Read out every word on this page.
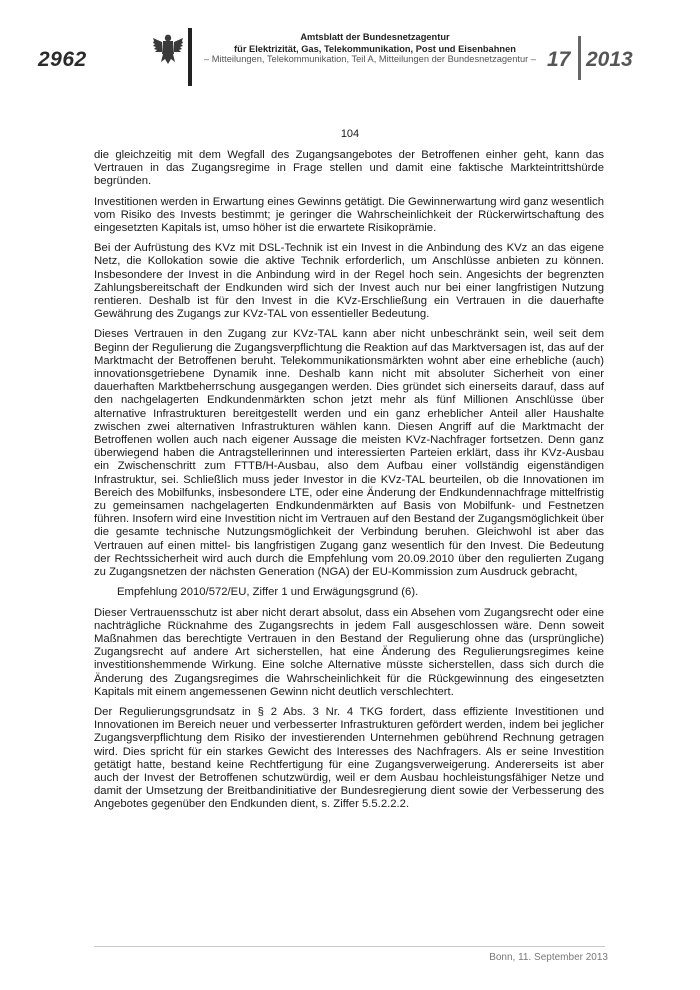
2962
Amtsblatt der Bundesnetzagentur
für Elektrizität, Gas, Telekommunikation, Post und Eisenbahnen
– Mitteilungen, Telekommunikation, Teil A, Mitteilungen der Bundesnetzagentur – 17 2013
104

die gleichzeitig mit dem Wegfall des Zugangsangebotes der Betroffenen einher geht, kann das Vertrauen in das Zugangsregime in Frage stellen und damit eine faktische Markteintrittshürde begründen.

Investitionen werden in Erwartung eines Gewinns getätigt. Die Gewinnerwartung wird ganz wesentlich vom Risiko des Invests bestimmt; je geringer die Wahrscheinlichkeit der Rückerwirtschaftung des eingesetzten Kapitals ist, umso höher ist die erwartete Risikoprämie.

Bei der Aufrüstung des KVz mit DSL-Technik ist ein Invest in die Anbindung des KVz an das eigene Netz, die Kollokation sowie die aktive Technik erforderlich, um Anschlüsse anbieten zu können. Insbesondere der Invest in die Anbindung wird in der Regel hoch sein. Angesichts der begrenzten Zahlungsbereitschaft der Endkunden wird sich der Invest auch nur bei einer langfristigen Nutzung rentieren. Deshalb ist für den Invest in die KVz-Erschließung ein Vertrauen in die dauerhafte Gewährung des Zugangs zur KVz-TAL von essentieller Bedeutung.

Dieses Vertrauen in den Zugang zur KVz-TAL kann aber nicht unbeschränkt sein, weil seit dem Beginn der Regulierung die Zugangsverpflichtung die Reaktion auf das Marktversagen ist, das auf der Marktmacht der Betroffenen beruht. Telekommunikationsmärkten wohnt aber eine erhebliche (auch) innovationsgetriebene Dynamik inne. Deshalb kann nicht mit absoluter Sicherheit von einer dauerhaften Marktbeherrschung ausgegangen werden. Dies gründet sich einerseits darauf, dass auf den nachgelagerten Endkundenmärkten schon jetzt mehr als fünf Millionen Anschlüsse über alternative Infrastrukturen bereitgestellt werden und ein ganz erheblicher Anteil aller Haushalte zwischen zwei alternativen Infrastrukturen wählen kann. Diesen Angriff auf die Marktmacht der Betroffenen wollen auch nach eigener Aussage die meisten KVz-Nachfrager fortsetzen. Denn ganz überwiegend haben die Antragstellerinnen und interessierten Parteien erklärt, dass ihr KVz-Ausbau ein Zwischenschritt zum FTTB/H-Ausbau, also dem Aufbau einer vollständig eigenständigen Infrastruktur, sei. Schließlich muss jeder Investor in die KVz-TAL beurteilen, ob die Innovationen im Bereich des Mobilfunks, insbesondere LTE, oder eine Änderung der Endkundennachfrage mittelfristig zu gemeinsamen nachgelagerten Endkundenmärkten auf Basis von Mobilfunk- und Festnetzen führen. Insofern wird eine Investition nicht im Vertrauen auf den Bestand der Zugangsmöglichkeit über die gesamte technische Nutzungsmöglichkeit der Verbindung beruhen. Gleichwohl ist aber das Vertrauen auf einen mittel- bis langfristigen Zugang ganz wesentlich für den Invest. Die Bedeutung der Rechtssicherheit wird auch durch die Empfehlung vom 20.09.2010 über den regulierten Zugang zu Zugangsnetzen der nächsten Generation (NGA) der EU-Kommission zum Ausdruck gebracht,

Empfehlung 2010/572/EU, Ziffer 1 und Erwägungsgrund (6).

Dieser Vertrauensschutz ist aber nicht derart absolut, dass ein Absehen vom Zugangsrecht oder eine nachträgliche Rücknahme des Zugangsrechts in jedem Fall ausgeschlossen wäre. Denn soweit Maßnahmen das berechtigte Vertrauen in den Bestand der Regulierung ohne das (ursprüngliche) Zugangsrecht auf andere Art sicherstellen, hat eine Änderung des Regulierungsregimes keine investitionshemmende Wirkung. Eine solche Alternative müsste sicherstellen, dass sich durch die Änderung des Zugangsregimes die Wahrscheinlichkeit für die Rückgewinnung des eingesetzten Kapitals mit einem angemessenen Gewinn nicht deutlich verschlechtert.

Der Regulierungsgrundsatz in § 2 Abs. 3 Nr. 4 TKG fordert, dass effiziente Investitionen und Innovationen im Bereich neuer und verbesserter Infrastrukturen gefördert werden, indem bei jeglicher Zugangsverpflichtung dem Risiko der investierenden Unternehmen gebührend Rechnung getragen wird. Dies spricht für ein starkes Gewicht des Interesses des Nachfragers. Als er seine Investition getätigt hatte, bestand keine Rechtfertigung für eine Zugangsverweigerung. Andererseits ist aber auch der Invest der Betroffenen schutzwürdig, weil er dem Ausbau hochleistungsfähiger Netze und damit der Umsetzung der Breitbandinitiative der Bundesregierung dient sowie der Verbesserung des Angebotes gegenüber den Endkunden dient, s. Ziffer 5.5.2.2.2.

Bonn, 11. September 2013
